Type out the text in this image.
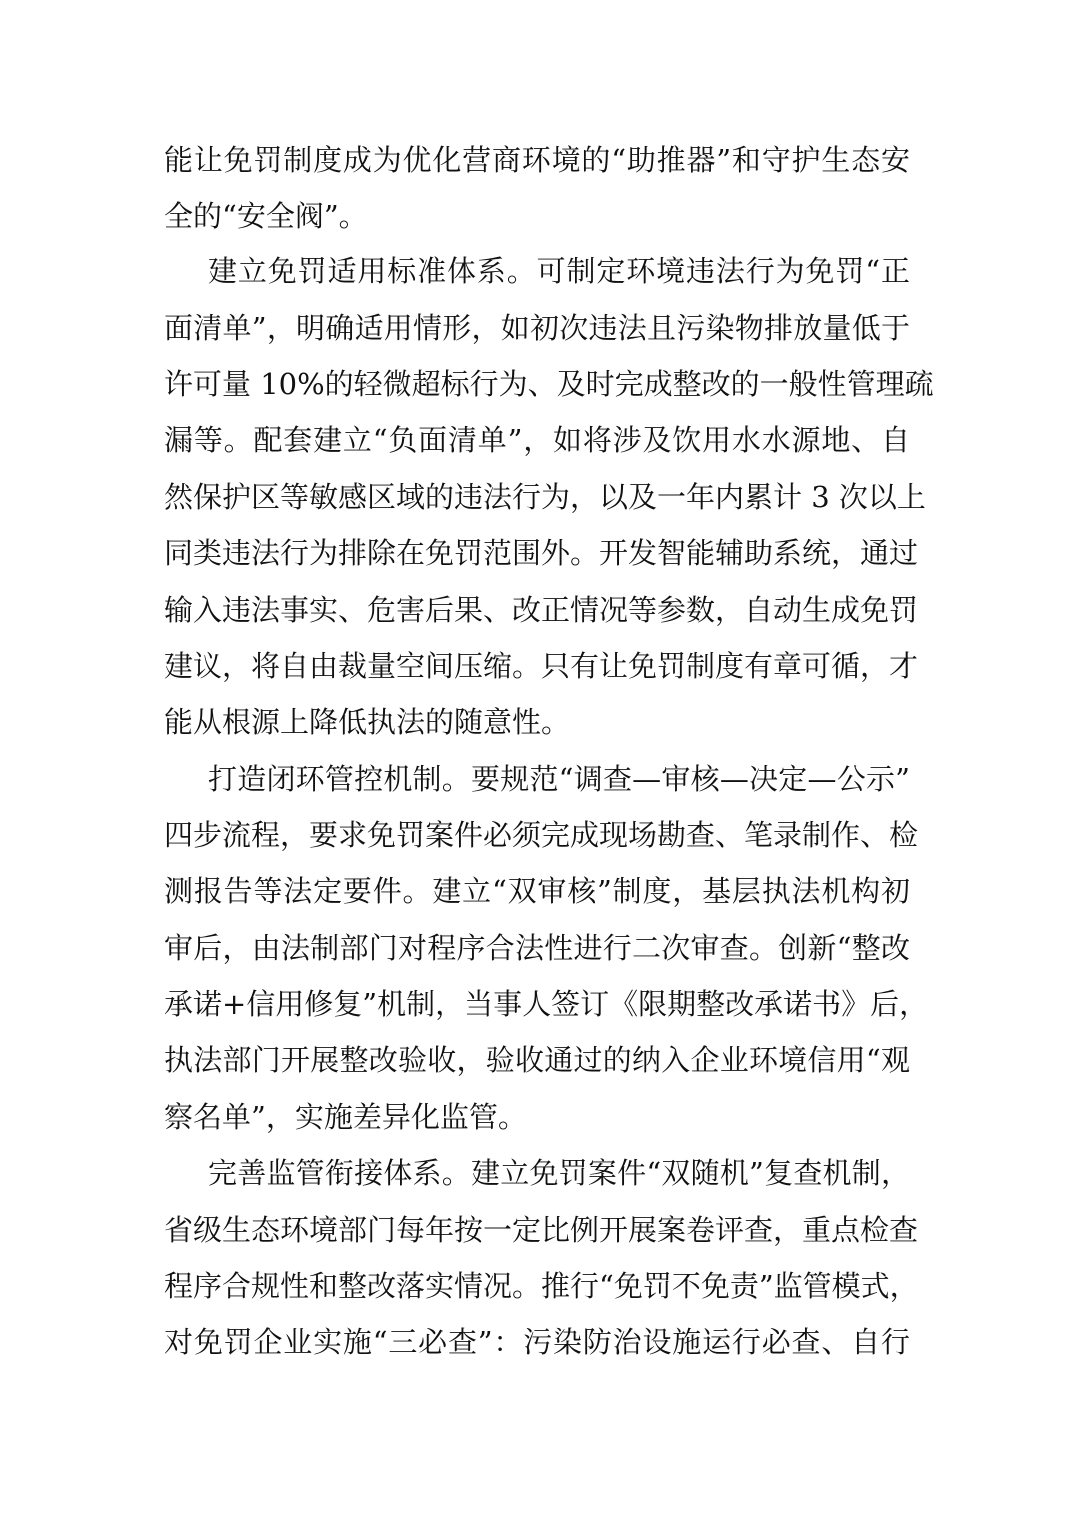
能让免罚制度成为优化营商环境的“助推器”和守护生态安
全的“安全阀”。
建立免罚适用标准体系。可制定环境违法行为免罚“正
面清单”，明确适用情形，如初次违法且污染物排放量低于
许可量 10%的轻微超标行为、及时完成整改的一般性管理疏
漏等。配套建立“负面清单”，如将涉及饮用水水源地、自
然保护区等敏感区域的违法行为，以及一年内累计 3 次以上
同类违法行为排除在免罚范围外。开发智能辅助系统，通过
输入违法事实、危害后果、改正情况等参数，自动生成免罚
建议，将自由裁量空间压缩。只有让免罚制度有章可循，才
能从根源上降低执法的随意性。
打造闭环管控机制。要规范“调查—审核—决定—公示”
四步流程，要求免罚案件必须完成现场勘查、笔录制作、检
测报告等法定要件。建立“双审核”制度，基层执法机构初
审后，由法制部门对程序合法性进行二次审查。创新“整改
承诺+信用修复”机制，当事人签订《限期整改承诺书》后，
执法部门开展整改验收，验收通过的纳入企业环境信用“观
察名单”，实施差异化监管。
完善监管衔接体系。建立免罚案件“双随机”复查机制，
省级生态环境部门每年按一定比例开展案卷评查，重点检查
程序合规性和整改落实情况。推行“免罚不免责”监管模式，
对免罚企业实施“三必查”：污染防治设施运行必查、自行
